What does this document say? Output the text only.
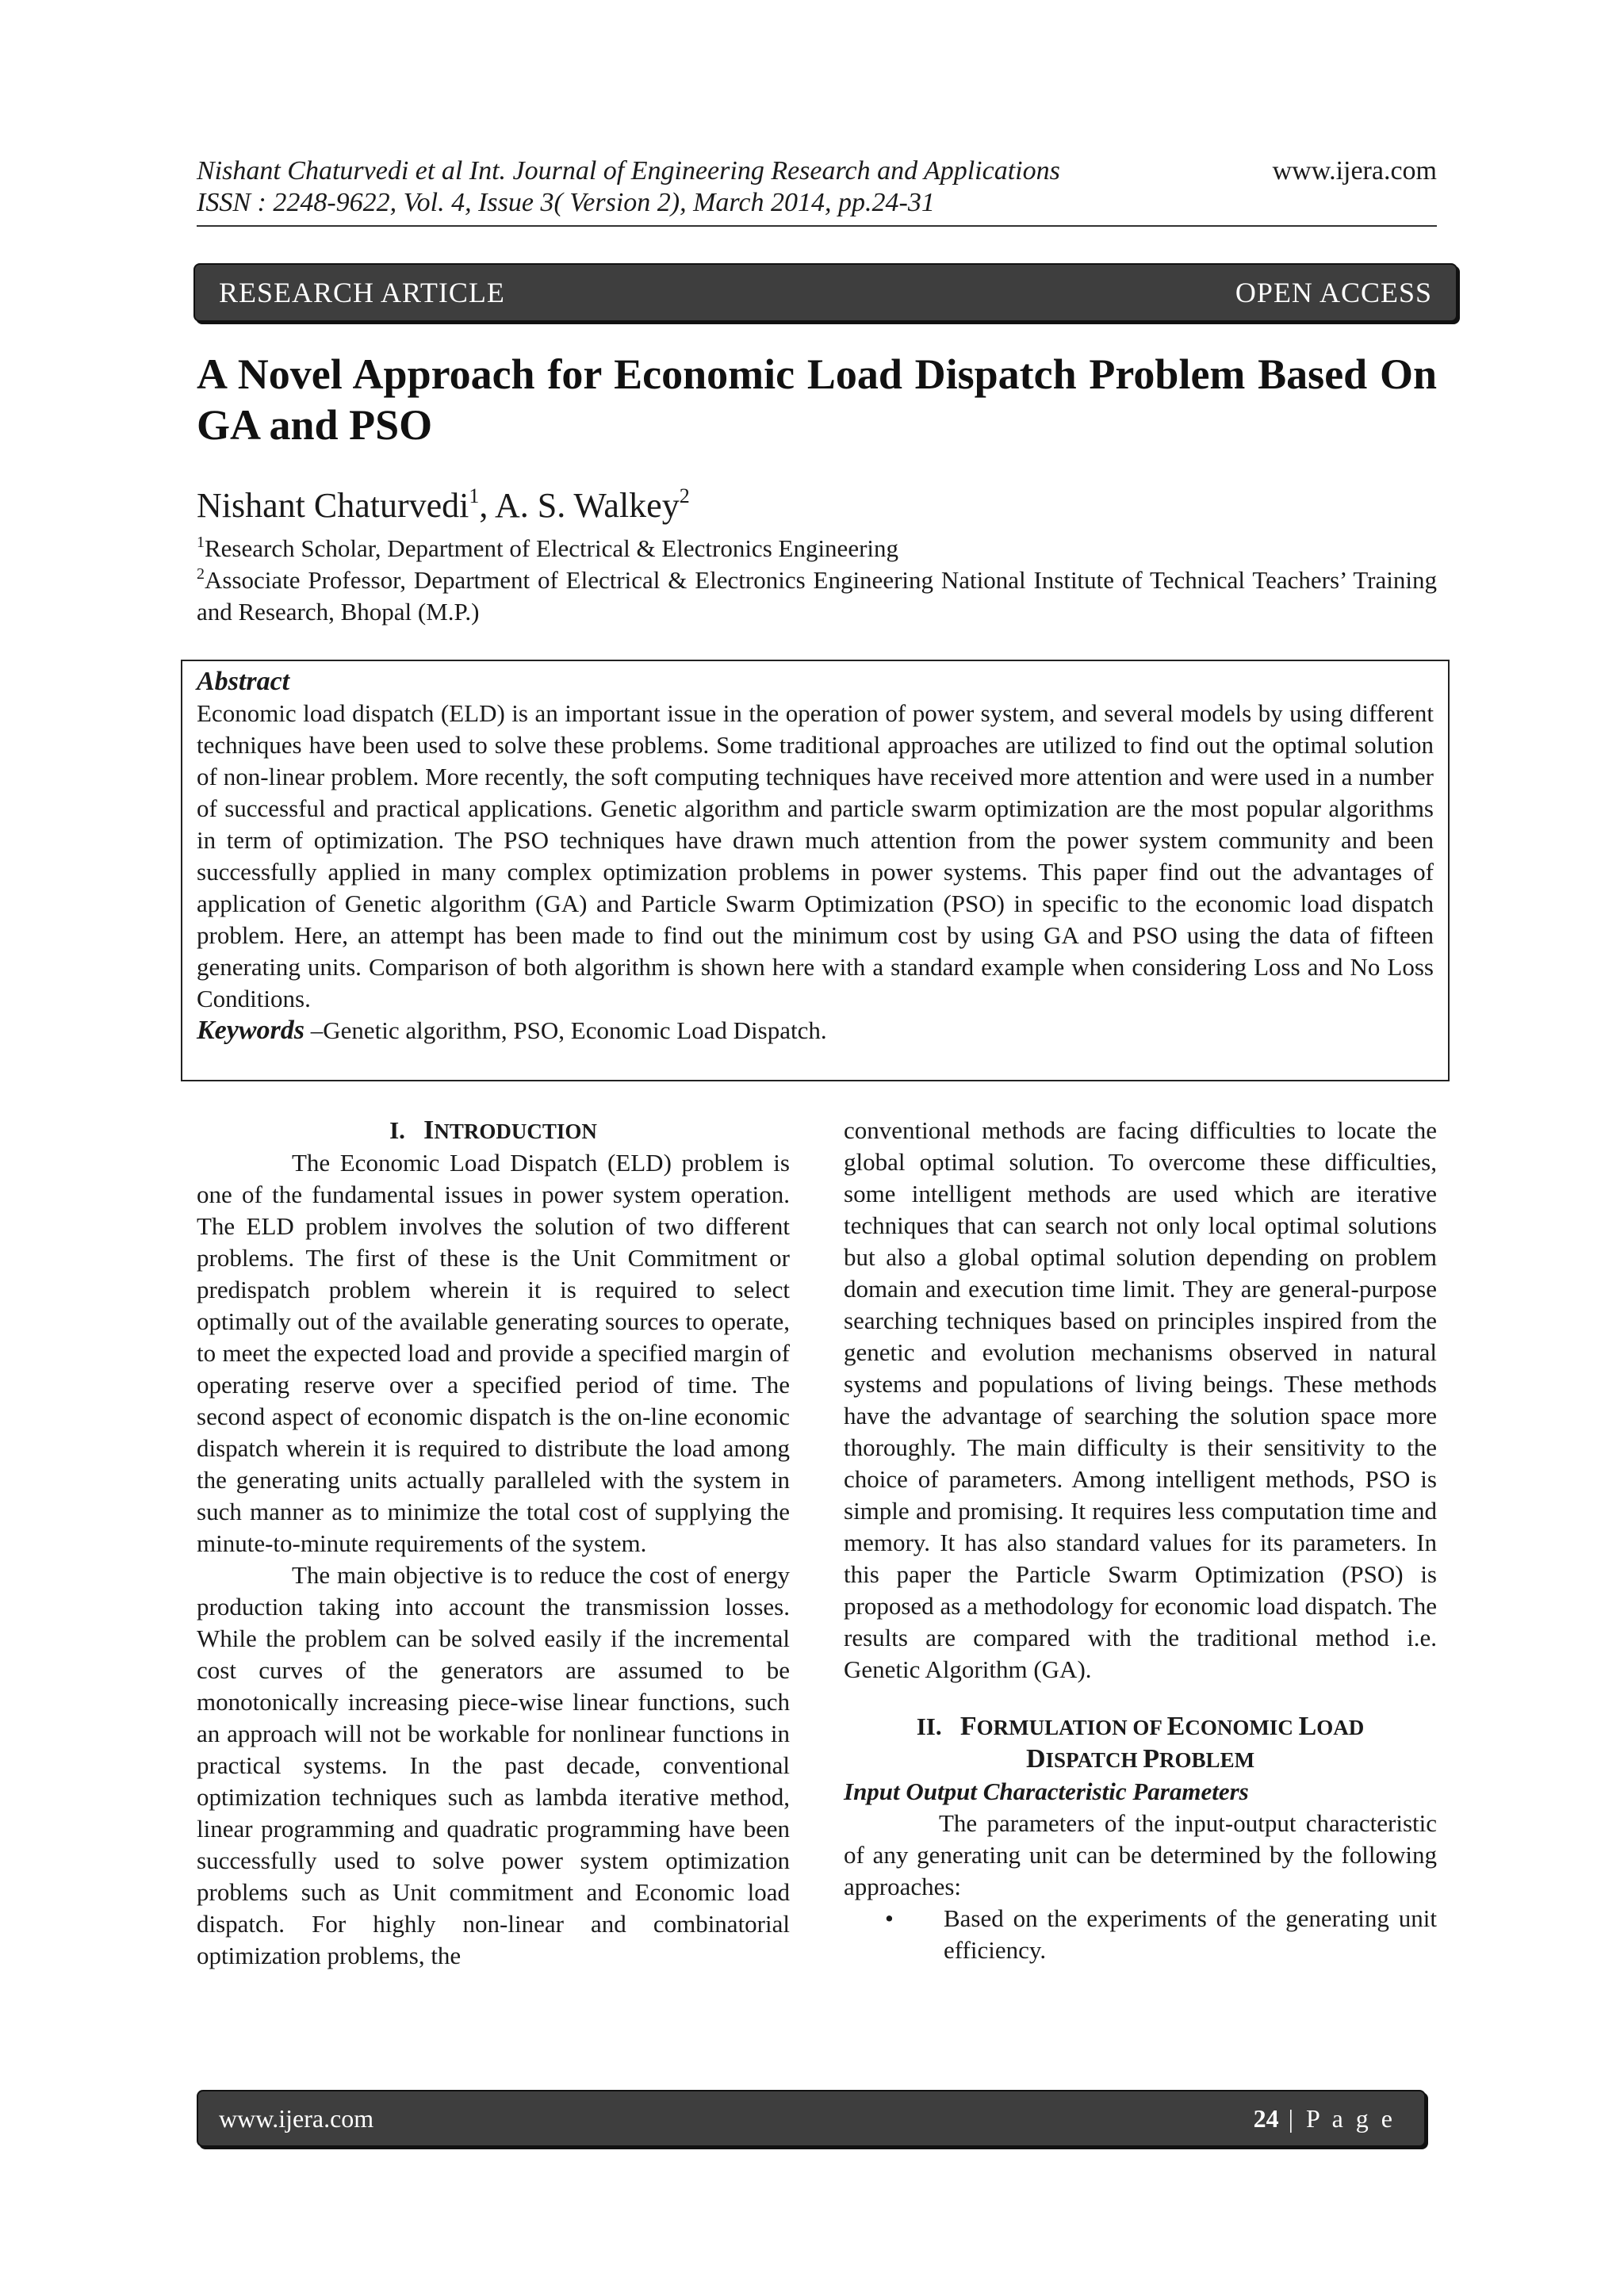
Nishant Chaturvedi et al Int. Journal of Engineering Research and Applications
ISSN : 2248-9622, Vol. 4, Issue 3( Version 2), March 2014, pp.24-31
www.ijera.com
RESEARCH ARTICLE	OPEN ACCESS
A Novel Approach for Economic Load Dispatch Problem Based On GA and PSO
Nishant Chaturvedi$^1$, A. S. Walkey$^2$
$^1$Research Scholar, Department of Electrical & Electronics Engineering
$^2$Associate Professor, Department of Electrical & Electronics Engineering National Institute of Technical Teachers’ Training and Research, Bhopal (M.P.)
Abstract
Economic load dispatch (ELD) is an important issue in the operation of power system, and several models by using different techniques have been used to solve these problems. Some traditional approaches are utilized to find out the optimal solution of non-linear problem. More recently, the soft computing techniques have received more attention and were used in a number of successful and practical applications. Genetic algorithm and particle swarm optimization are the most popular algorithms in term of optimization. The PSO techniques have drawn much attention from the power system community and been successfully applied in many complex optimization problems in power systems. This paper find out the advantages of application of Genetic algorithm (GA) and Particle Swarm Optimization (PSO) in specific to the economic load dispatch problem. Here, an attempt has been made to find out the minimum cost by using GA and PSO using the data of fifteen generating units. Comparison of both algorithm is shown here with a standard example when considering Loss and No Loss Conditions.
Keywords –Genetic algorithm, PSO, Economic Load Dispatch.
I. INTRODUCTION

The Economic Load Dispatch (ELD) problem is one of the fundamental issues in power system operation. The ELD problem involves the solution of two different problems. The first of these is the Unit Commitment or predispatch problem wherein it is required to select optimally out of the available generating sources to operate, to meet the expected load and provide a specified margin of operating reserve over a specified period of time. The second aspect of economic dispatch is the on-line economic dispatch wherein it is required to distribute the load among the generating units actually paralleled with the system in such manner as to minimize the total cost of supplying the minute-to-minute requirements of the system.

The main objective is to reduce the cost of energy production taking into account the transmission losses. While the problem can be solved easily if the incremental cost curves of the generators are assumed to be monotonically increasing piece-wise linear functions, such an approach will not be workable for nonlinear functions in practical systems. In the past decade, conventional optimization techniques such as lambda iterative method, linear programming and quadratic programming have been successfully used to solve power system optimization problems such as Unit commitment and Economic load dispatch. For highly non-linear and combinatorial optimization problems, the

conventional methods are facing difficulties to locate the global optimal solution. To overcome these difficulties, some intelligent methods are used which are iterative techniques that can search not only local optimal solutions but also a global optimal solution depending on problem domain and execution time limit. They are general-purpose searching techniques based on principles inspired from the genetic and evolution mechanisms observed in natural systems and populations of living beings. These methods have the advantage of searching the solution space more thoroughly. The main difficulty is their sensitivity to the choice of parameters. Among intelligent methods, PSO is simple and promising. It requires less computation time and memory. It has also standard values for its parameters. In this paper the Particle Swarm Optimization (PSO) is proposed as a methodology for economic load dispatch. The results are compared with the traditional method i.e. Genetic Algorithm (GA).

II. FORMULATION OF ECONOMIC LOAD
DISPATCH PROBLEM
Input Output Characteristic Parameters

The parameters of the input-output characteristic of any generating unit can be determined by the following approaches:

• Based on the experiments of the generating unit efficiency.
www.ijera.com	24 | P a g e
